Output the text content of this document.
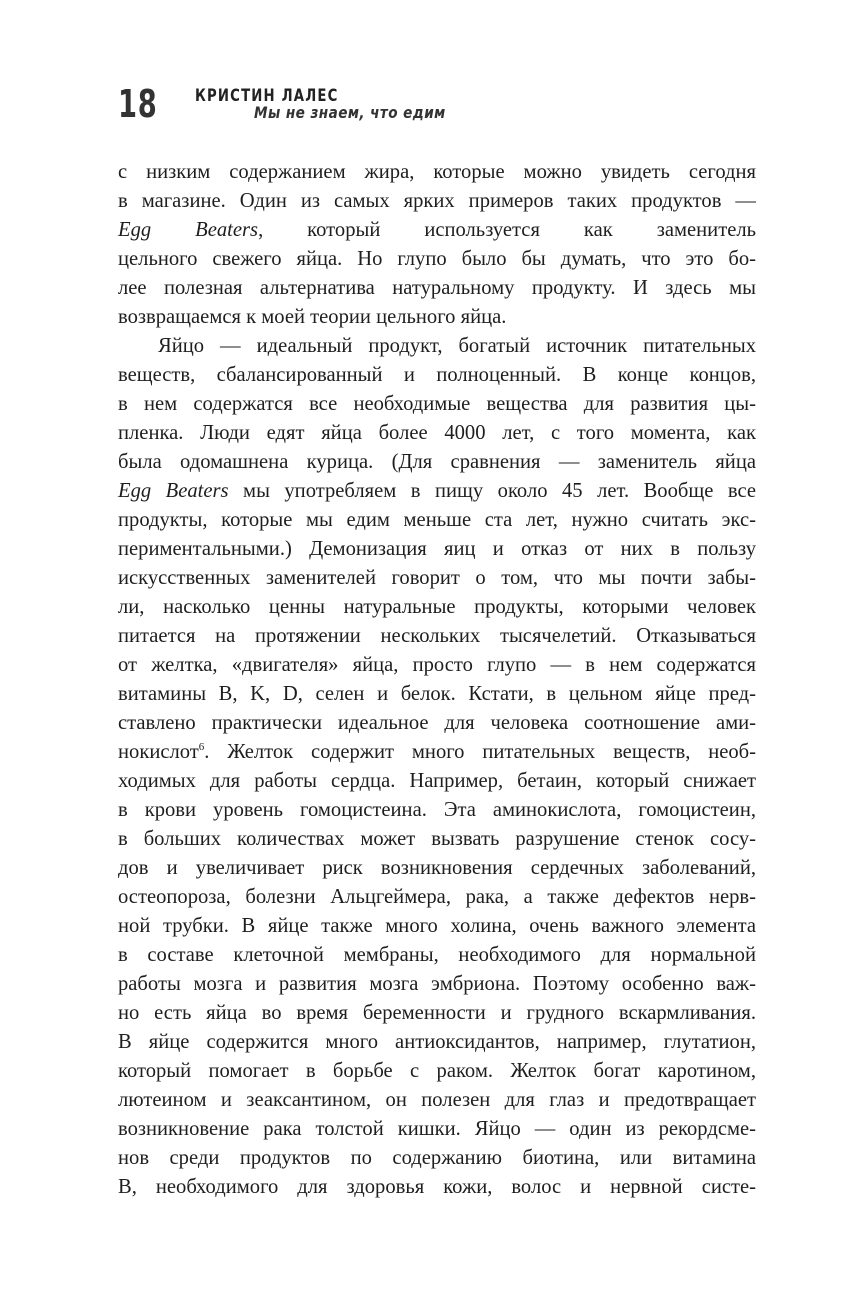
18 КРИСТИН ЛАЛЕС
Мы не знаем, что едим
с низким содержанием жира, которые можно увидеть сегодня
в магазине. Один из самых ярких примеров таких продуктов —
Egg Beaters, который используется как заменитель
цельного свежего яйца. Но глупо было бы думать, что это бо-
лее полезная альтернатива натуральному продукту. И здесь мы
возвращаемся к моей теории цельного яйца.
Яйцо — идеальный продукт, богатый источник питательных
веществ, сбалансированный и полноценный. В конце концов,
в нем содержатся все необходимые вещества для развития цы-
пленка. Люди едят яйца более 4000 лет, с того момента, как
была одомашнена курица. (Для сравнения — заменитель яйца
Egg Beaters мы употребляем в пищу около 45 лет. Вообще все
продукты, которые мы едим меньше ста лет, нужно считать экс-
периментальными.) Демонизация яиц и отказ от них в пользу
искусственных заменителей говорит о том, что мы почти забы-
ли, насколько ценны натуральные продукты, которыми человек
питается на протяжении нескольких тысячелетий. Отказываться
от желтка, «двигателя» яйца, просто глупо — в нем содержатся
витамины B, K, D, селен и белок. Кстати, в цельном яйце пред-
ставлено практически идеальное для человека соотношение ами-
нокислот$^6$. Желток содержит много питательных веществ, необ-
ходимых для работы сердца. Например, бетаин, который снижает
в крови уровень гомоцистеина. Эта аминокислота, гомоцистеин,
в больших количествах может вызвать разрушение стенок сосу-
дов и увеличивает риск возникновения сердечных заболеваний,
остеопороза, болезни Альцгеймера, рака, а также дефектов нерв-
ной трубки. В яйце также много холина, очень важного элемента
в составе клеточной мембраны, необходимого для нормальной
работы мозга и развития мозга эмбриона. Поэтому особенно важ-
но есть яйца во время беременности и грудного вскармливания.
В яйце содержится много антиоксидантов, например, глутатион,
который помогает в борьбе с раком. Желток богат каротином,
лютеином и зеаксантином, он полезен для глаз и предотвращает
возникновение рака толстой кишки. Яйцо — один из рекордсме-
нов среди продуктов по содержанию биотина, или витамина
B, необходимого для здоровья кожи, волос и нервной систе-
